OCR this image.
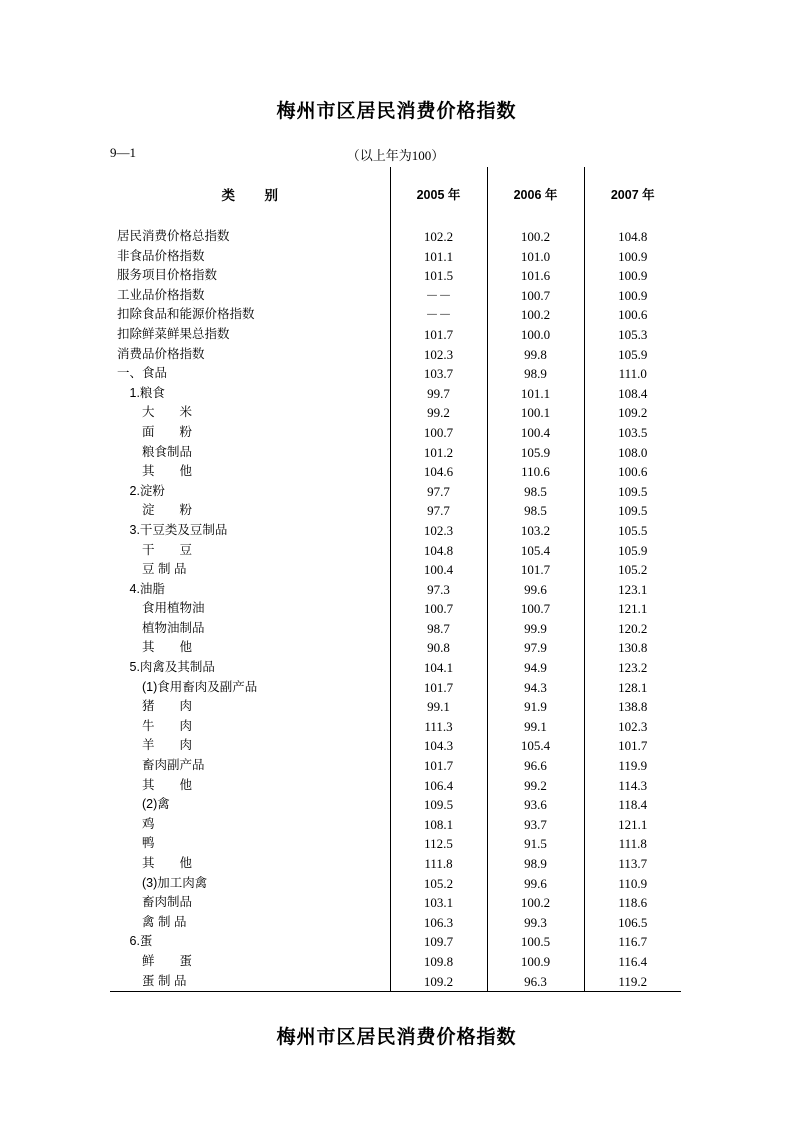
梅州市区居民消费价格指数
9—1	（以上年为100）
类　别	2005 年	2006 年	2007 年
居民消费价格总指数	102.2	100.2	104.8
非食品价格指数	101.1	101.0	100.9
服务项目价格指数	101.5	101.6	100.9
工业品价格指数	－－	100.7	100.9
扣除食品和能源价格指数	－－	100.2	100.6
扣除鲜菜鲜果总指数	101.7	100.0	105.3
消费品价格指数	102.3	99.8	105.9
一、食品	103.7	98.9	111.0
　1.粮食	99.7	101.1	108.4
　　大　　米	99.2	100.1	109.2
　　面　　粉	100.7	100.4	103.5
　　粮食制品	101.2	105.9	108.0
　　其　　他	104.6	110.6	100.6
　2.淀粉	97.7	98.5	109.5
　　淀　　粉	97.7	98.5	109.5
　3.干豆类及豆制品	102.3	103.2	105.5
　　干　　豆	104.8	105.4	105.9
　　豆 制 品	100.4	101.7	105.2
　4.油脂	97.3	99.6	123.1
　　食用植物油	100.7	100.7	121.1
　　植物油制品	98.7	99.9	120.2
　　其　　他	90.8	97.9	130.8
　5.肉禽及其制品	104.1	94.9	123.2
　　(1)食用畜肉及副产品	101.7	94.3	128.1
　　猪　　肉	99.1	91.9	138.8
　　牛　　肉	111.3	99.1	102.3
　　羊　　肉	104.3	105.4	101.7
　　畜肉副产品	101.7	96.6	119.9
　　其　　他	106.4	99.2	114.3
　　(2)禽	109.5	93.6	118.4
　　鸡	108.1	93.7	121.1
　　鸭	112.5	91.5	111.8
　　其　　他	111.8	98.9	113.7
　　(3)加工肉禽	105.2	99.6	110.9
　　畜肉制品	103.1	100.2	118.6
　　禽 制 品	106.3	99.3	106.5
　6.蛋	109.7	100.5	116.7
　　鲜　　蛋	109.8	100.9	116.4
　　蛋 制 品	109.2	96.3	119.2
梅州市区居民消费价格指数
